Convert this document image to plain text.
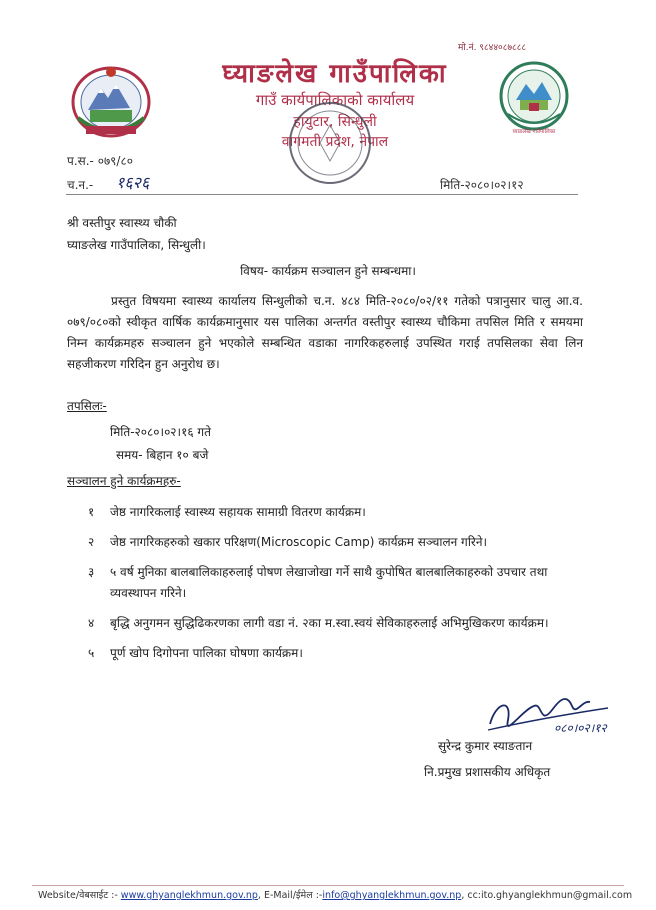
मो.नं. ९८४४०८७८८८
घ्याङलेख गाउँपालिका
गाउँ कार्यपालिकाको कार्यालय
हायुटार, सिन्धुली
वागमती प्रदेश, नेपाल
घ्याङलेख गाउँपालिका
प.स.- ०७९/८०
च.न.- १६२६	मिति-२०८०।०२।१२
श्री वस्तीपुर स्वास्थ्य चौकी
घ्याङलेख गाउँपालिका, सिन्धुली।
विषय- कार्यक्रम सञ्चालन हुने सम्बन्धमा।
प्रस्तुत विषयमा स्वास्थ्य कार्यालय सिन्धुलीको च.न. ४८४ मिति-२०८०/०२/११ गतेको पत्रानुसार चालु आ.व. ०७९/०८०को स्वीकृत वार्षिक कार्यक्रमानुसार यस पालिका अन्तर्गत वस्तीपुर स्वास्थ्य चौकिमा तपसिल मिति र समयमा निम्न कार्यक्रमहरु सञ्चालन हुने भएकोले सम्बन्धित वडाका नागरिकहरुलाई उपस्थित गराई तपसिलका सेवा लिन सहजीकरण गरिदिन हुन अनुरोध छ।
तपसिलः-
मिति-२०८०।०२।१६ गते
समय- बिहान १० बजे
सञ्चालन हुने कार्यक्रमहरु-
१	जेष्ठ नागरिकलाई स्वास्थ्य सहायक सामाग्री वितरण कार्यक्रम।
२	जेष्ठ नागरिकहरुको खकार परिक्षण(Microscopic Camp) कार्यक्रम सञ्चालन गरिने।
३	५ वर्ष मुनिका बालबालिकाहरुलाई पोषण लेखाजोखा गर्ने साथै कुपोषित बालबालिकाहरुको उपचार तथा व्यवस्थापन गरिने।
४	बृद्धि अनुगमन सुद्धिढिकरणका लागी वडा नं. २का म.स्वा.स्वयं सेविकाहरुलाई अभिमुखिकरण कार्यक्रम।
५	पूर्ण खोप दिगोपना पालिका घोषणा कार्यक्रम।
०८०।०२।१२
सुरेन्द्र कुमार स्याङतान
नि.प्रमुख प्रशासकीय अधिकृत
Website/वेबसाईट :- www.ghyanglekhmun.gov.np, E-Mail/ईमेल :-info@ghyanglekhmun.gov.np, cc:ito.ghyanglekhmun@gmail.com
